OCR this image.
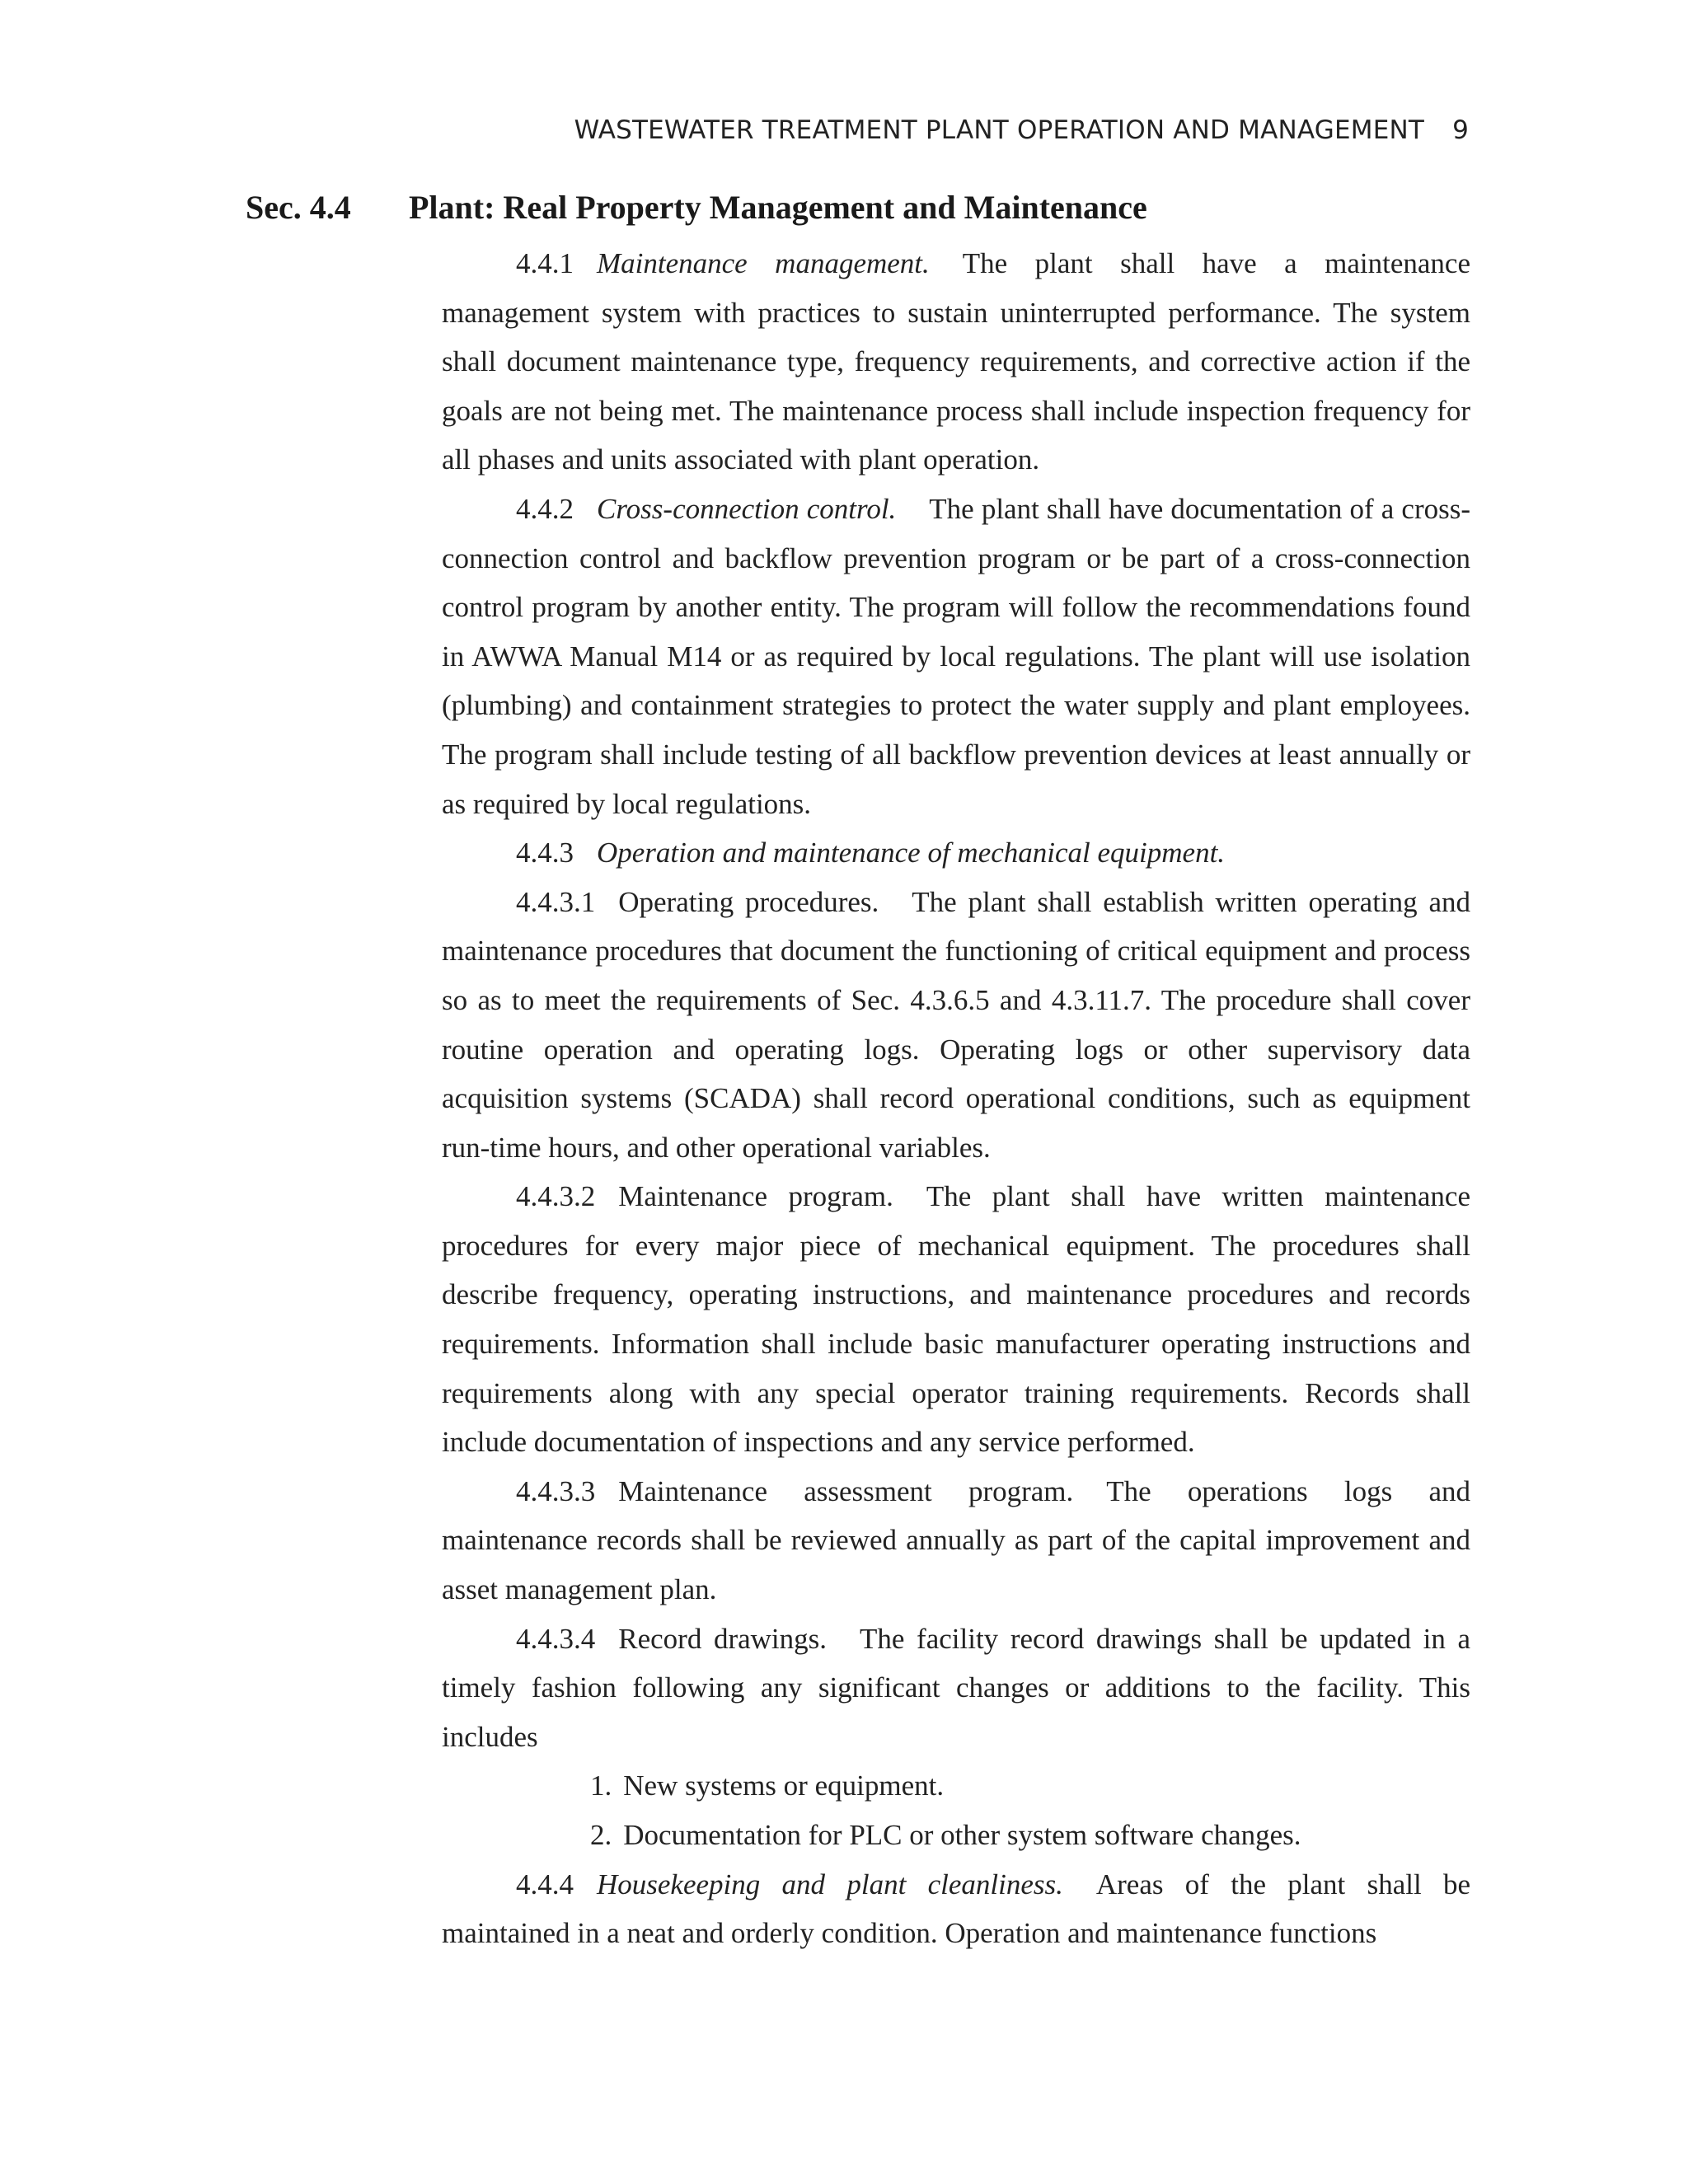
WASTEWATER TREATMENT PLANT OPERATION AND MANAGEMENT 9
Sec. 4.4 Plant: Real Property Management and Maintenance

4.4.1 Maintenance management. The plant shall have a maintenance management system with practices to sustain uninterrupted performance. The system shall document maintenance type, frequency requirements, and corrective action if the goals are not being met. The maintenance process shall include inspection frequency for all phases and units associated with plant operation.

4.4.2 Cross-connection control. The plant shall have documentation of a cross-connection control and backflow prevention program or be part of a cross-connection control program by another entity. The program will follow the recommendations found in AWWA Manual M14 or as required by local regulations. The plant will use isolation (plumbing) and containment strategies to protect the water supply and plant employees. The program shall include testing of all backflow prevention devices at least annually or as required by local regulations.

4.4.3 Operation and maintenance of mechanical equipment.

4.4.3.1 Operating procedures. The plant shall establish written operating and maintenance procedures that document the functioning of critical equipment and process so as to meet the requirements of Sec. 4.3.6.5 and 4.3.11.7. The procedure shall cover routine operation and operating logs. Operating logs or other supervisory data acquisition systems (SCADA) shall record operational conditions, such as equipment run-time hours, and other operational variables.

4.4.3.2 Maintenance program. The plant shall have written maintenance procedures for every major piece of mechanical equipment. The procedures shall describe frequency, operating instructions, and maintenance procedures and records requirements. Information shall include basic manufacturer operating instructions and requirements along with any special operator training requirements. Records shall include documentation of inspections and any service performed.

4.4.3.3 Maintenance assessment program. The operations logs and maintenance records shall be reviewed annually as part of the capital improvement and asset management plan.

4.4.3.4 Record drawings. The facility record drawings shall be updated in a timely fashion following any significant changes or additions to the facility. This includes

1. New systems or equipment.

2. Documentation for PLC or other system software changes.

4.4.4 Housekeeping and plant cleanliness. Areas of the plant shall be maintained in a neat and orderly condition. Operation and maintenance functions
